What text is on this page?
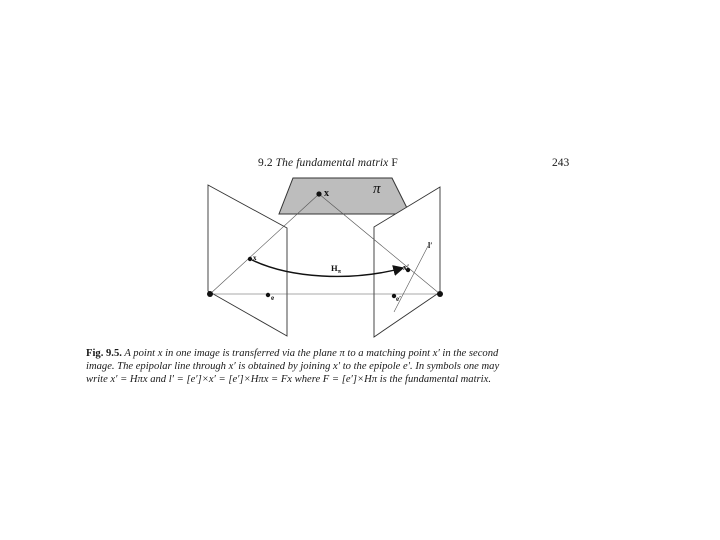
9.2 The fundamental matrix F	243
π
x
x
$H_\pi$	x′
l′
e	e′
Fig. 9.5. A point x in one image is transferred via the plane π to a matching point x′ in the second
image. The epipolar line through x′ is obtained by joining x′ to the epipole e′. In symbols one may
write x′ = Hπx and l′ = [e′]×x′ = [e′]×Hπx = Fx where F = [e′]×Hπ is the fundamental matrix.
